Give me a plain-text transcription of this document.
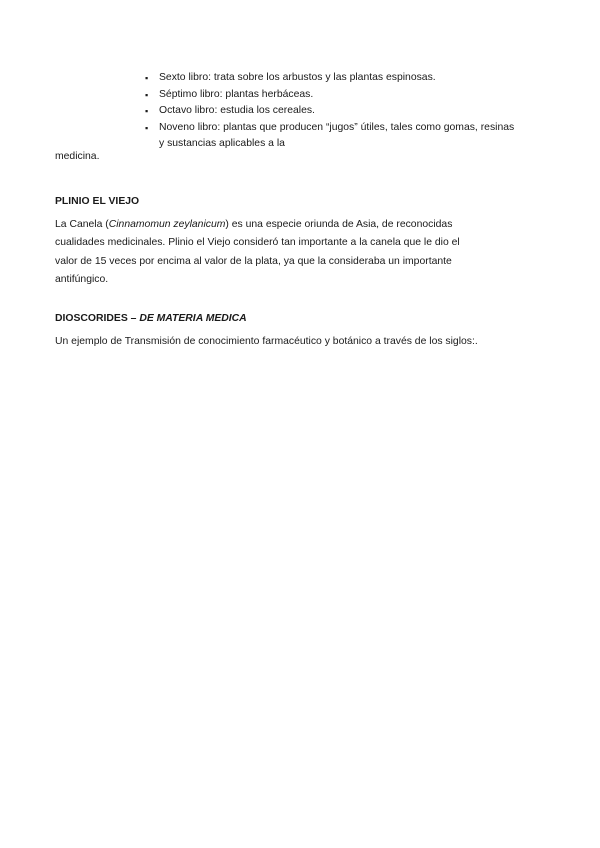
▪ Sexto libro: trata sobre los arbustos y las plantas espinosas.
▪ Séptimo libro: plantas herbáceas.
▪ Octavo libro: estudia los cereales.
▪ Noveno libro: plantas que producen “jugos” útiles, tales como gomas, resinas
y sustancias aplicables a la

medicina.

PLINIO EL VIEJO

La Canela (Cinnamomun zeylanicum) es una especie oriunda de Asia, de reconocidas
cualidades medicinales. Plinio el Viejo consideró tan importante a la canela que le dio el
valor de 15 veces por encima al valor de la plata, ya que la consideraba un importante
antifúngico.

DIOSCORIDES – DE MATERIA MEDICA

Un ejemplo de Transmisión de conocimiento farmacéutico y botánico a través de los siglos:.
